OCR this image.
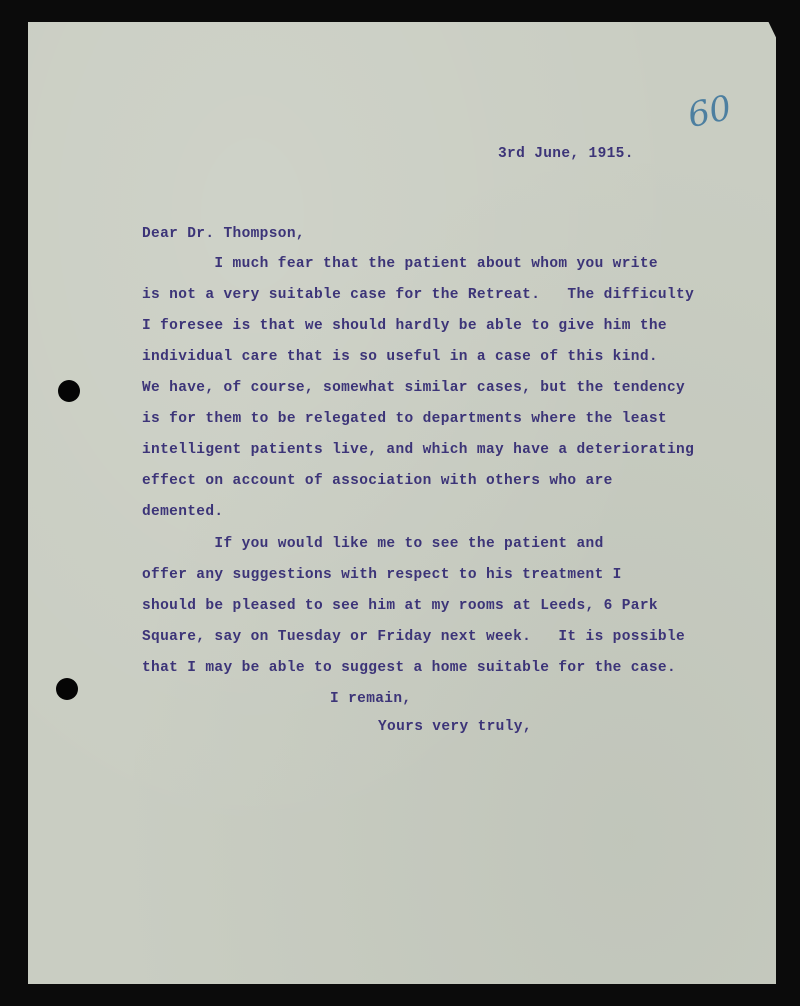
60
3rd June, 1915.
Dear Dr. Thompson,
I much fear that the patient about whom you write
is not a very suitable case for the Retreat.   The difficulty
I foresee is that we should hardly be able to give him the
individual care that is so useful in a case of this kind.
We have, of course, somewhat similar cases, but the tendency
is for them to be relegated to departments where the least
intelligent patients live, and which may have a deteriorating
effect on account of association with others who are
demented.
If you would like me to see the patient and
offer any suggestions with respect to his treatment I
should be pleased to see him at my rooms at Leeds, 6 Park
Square, say on Tuesday or Friday next week.   It is possible
that I may be able to suggest a home suitable for the case.
I remain,
Yours very truly,
